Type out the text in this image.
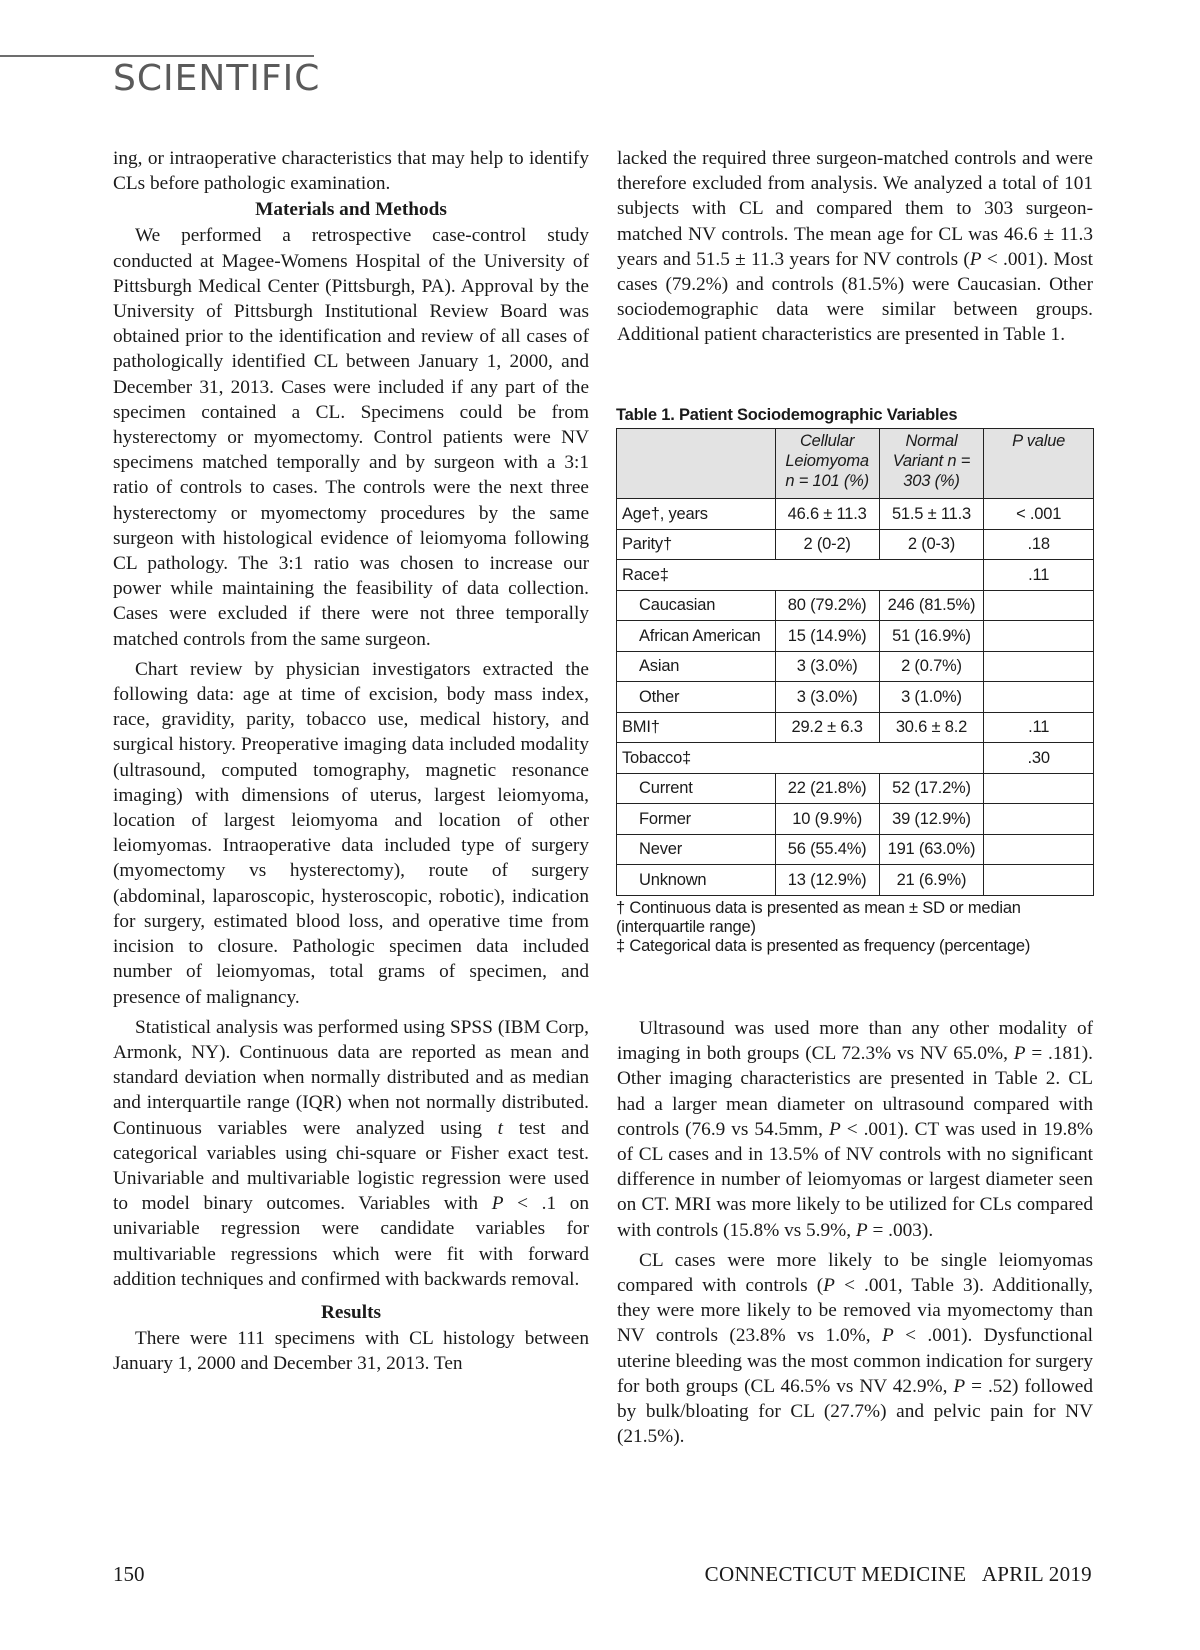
SCIENTIFIC

ing, or intraoperative characteristics that may help to identify CLs before pathologic examination.

Materials and Methods

We performed a retrospective case-control study conducted at Magee-Womens Hospital of the University of Pittsburgh Medical Center (Pittsburgh, PA). Approval by the University of Pittsburgh Institutional Review Board was obtained prior to the identification and review of all cases of pathologically identified CL between January 1, 2000, and December 31, 2013. Cases were included if any part of the specimen contained a CL. Specimens could be from hysterectomy or myomectomy. Control patients were NV specimens matched temporally and by surgeon with a 3:1 ratio of controls to cases. The controls were the next three hysterectomy or myomectomy procedures by the same surgeon with histological evidence of leiomyoma following CL pathology. The 3:1 ratio was chosen to increase our power while maintaining the feasibility of data collection. Cases were excluded if there were not three temporally matched controls from the same surgeon.

Chart review by physician investigators extracted the following data: age at time of excision, body mass index, race, gravidity, parity, tobacco use, medical history, and surgical history. Preoperative imaging data included modality (ultrasound, computed tomography, magnetic resonance imaging) with dimensions of uterus, largest leiomyoma, location of largest leiomyoma and location of other leiomyomas. Intraoperative data included type of surgery (myomectomy vs hysterectomy), route of surgery (abdominal, laparoscopic, hysteroscopic, robotic), indication for surgery, estimated blood loss, and operative time from incision to closure. Pathologic specimen data included number of leiomyomas, total grams of specimen, and presence of malignancy.

Statistical analysis was performed using SPSS (IBM Corp, Armonk, NY). Continuous data are reported as mean and standard deviation when normally distributed and as median and interquartile range (IQR) when not normally distributed. Continuous variables were analyzed using t test and categorical variables using chi-square or Fisher exact test. Univariable and multivariable logistic regression were used to model binary outcomes. Variables with P < .1 on univariable regression were candidate variables for multivariable regressions which were fit with forward addition techniques and confirmed with backwards removal.

Results

There were 111 specimens with CL histology between January 1, 2000 and December 31, 2013. Ten

lacked the required three surgeon-matched controls and were therefore excluded from analysis. We analyzed a total of 101 subjects with CL and compared them to 303 surgeon-matched NV controls. The mean age for CL was 46.6 ± 11.3 years and 51.5 ± 11.3 years for NV controls (P < .001). Most cases (79.2%) and controls (81.5%) were Caucasian. Other sociodemographic data were similar between groups. Additional patient characteristics are presented in Table 1.

Table 1. Patient Sociodemographic Variables
	Cellular
Leiomyoma
n = 101 (%)	Normal
Variant n =
303 (%)	P value
Age†, years	46.6 ± 11.3	51.5 ± 11.3	< .001
Parity†	2 (0-2)	2 (0-3)	.18
Race‡			.11
Caucasian	80 (79.2%)	246 (81.5%)	
African American	15 (14.9%)	51 (16.9%)	
Asian	3 (3.0%)	2 (0.7%)	
Other	3 (3.0%)	3 (1.0%)	
BMI†	29.2 ± 6.3	30.6 ± 8.2	.11
Tobacco‡			.30
Current	22 (21.8%)	52 (17.2%)	
Former	10 (9.9%)	39 (12.9%)	
Never	56 (55.4%)	191 (63.0%)	
Unknown	13 (12.9%)	21 (6.9%)	
† Continuous data is presented as mean ± SD or median (interquartile range)
‡ Categorical data is presented as frequency (percentage)

Ultrasound was used more than any other modality of imaging in both groups (CL 72.3% vs NV 65.0%, P = .181). Other imaging characteristics are presented in Table 2. CL had a larger mean diameter on ultrasound compared with controls (76.9 vs 54.5mm, P < .001). CT was used in 19.8% of CL cases and in 13.5% of NV controls with no significant difference in number of leiomyomas or largest diameter seen on CT. MRI was more likely to be utilized for CLs compared with controls (15.8% vs 5.9%, P = .003).

CL cases were more likely to be single leiomyomas compared with controls (P < .001, Table 3). Additionally, they were more likely to be removed via myomectomy than NV controls (23.8% vs 1.0%, P < .001). Dysfunctional uterine bleeding was the most common indication for surgery for both groups (CL 46.5% vs NV 42.9%, P = .52) followed by bulk/bloating for CL (27.7%) and pelvic pain for NV (21.5%).

150	CONNECTICUT MEDICINE   APRIL 2019
